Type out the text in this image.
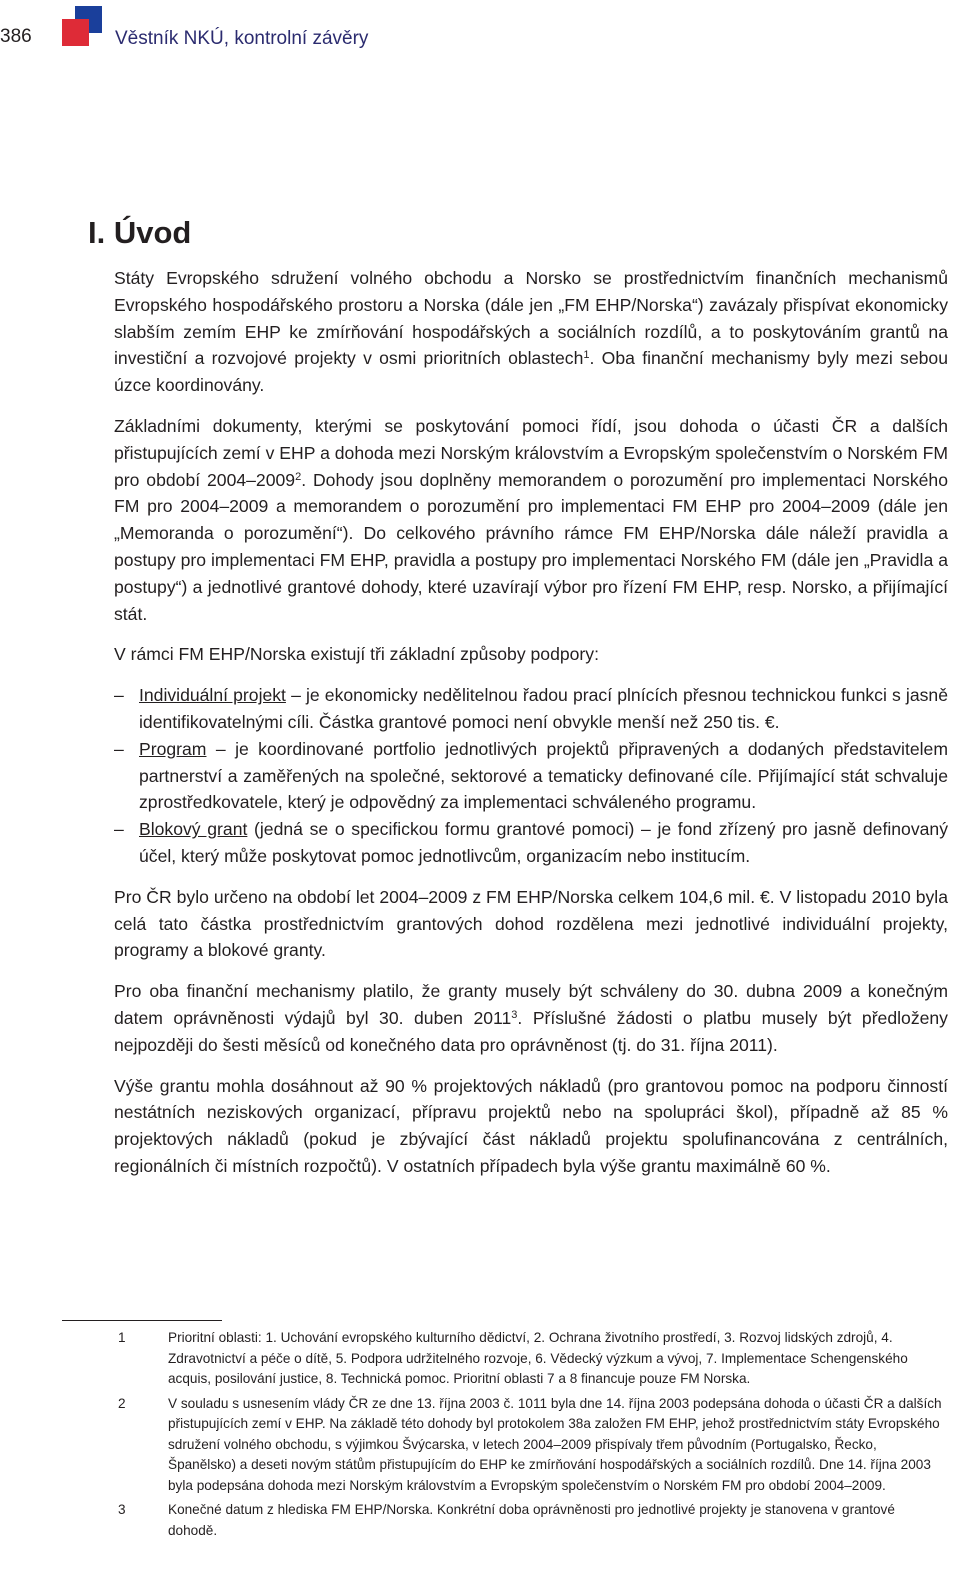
386	Věstník NKÚ, kontrolní závěry
I. Úvod

Státy Evropského sdružení volného obchodu a Norsko se prostřednictvím finančních mechanismů Evropského hospodářského prostoru a Norska (dále jen „FM EHP/Norska“) zavázaly přispívat ekonomicky slabším zemím EHP ke zmírňování hospodářských a sociálních rozdílů, a to poskytováním grantů na investiční a rozvojové projekty v osmi prioritních oblastech$^1$. Oba finanční mechanismy byly mezi sebou úzce koordinovány.

Základními dokumenty, kterými se poskytování pomoci řídí, jsou dohoda o účasti ČR a dalších přistupujících zemí v EHP a dohoda mezi Norským královstvím a Evropským společenstvím o Norském FM pro období 2004–2009$^2$. Dohody jsou doplněny memorandem o porozumění pro implementaci Norského FM pro 2004–2009 a memorandem o porozumění pro implementaci FM EHP pro 2004–2009 (dále jen „Memoranda o porozumění“). Do celkového právního rámce FM EHP/Norska dále náleží pravidla a postupy pro implementaci FM EHP, pravidla a postupy pro implementaci Norského FM (dále jen „Pravidla a postupy“) a jednotlivé grantové dohody, které uzavírají výbor pro řízení FM EHP, resp. Norsko, a přijímající stát.

V rámci FM EHP/Norska existují tři základní způsoby podpory:

– Individuální projekt – je ekonomicky nedělitelnou řadou prací plnících přesnou technickou funkci s jasně identifikovatelnými cíli. Částka grantové pomoci není obvykle menší než 250 tis. €.
– Program – je koordinované portfolio jednotlivých projektů připravených a dodaných představitelem partnerství a zaměřených na společné, sektorové a tematicky definované cíle. Přijímající stát schvaluje zprostředkovatele, který je odpovědný za implementaci schváleného programu.
– Blokový grant (jedná se o specifickou formu grantové pomoci) – je fond zřízený pro jasně definovaný účel, který může poskytovat pomoc jednotlivcům, organizacím nebo institucím.

Pro ČR bylo určeno na období let 2004–2009 z FM EHP/Norska celkem 104,6 mil. €. V listopadu 2010 byla celá tato částka prostřednictvím grantových dohod rozdělena mezi jednotlivé individuální projekty, programy a blokové granty.

Pro oba finanční mechanismy platilo, že granty musely být schváleny do 30. dubna 2009 a konečným datem oprávněnosti výdajů byl 30. duben 2011$^3$. Příslušné žádosti o platbu musely být předloženy nejpozději do šesti měsíců od konečného data pro oprávněnost (tj. do 31. října 2011).

Výše grantu mohla dosáhnout až 90 % projektových nákladů (pro grantovou pomoc na podporu činností nestátních neziskových organizací, přípravu projektů nebo na spolupráci škol), případně až 85 % projektových nákladů (pokud je zbývající část nákladů projektu spolufinancována z centrálních, regionálních či místních rozpočtů). V ostatních případech byla výše grantu maximálně 60 %.

1	Prioritní oblasti: 1. Uchování evropského kulturního dědictví, 2. Ochrana životního prostředí, 3. Rozvoj lidských zdrojů, 4. Zdravotnictví a péče o dítě, 5. Podpora udržitelného rozvoje, 6. Vědecký výzkum a vývoj, 7. Implementace Schengenského acquis, posilování justice, 8. Technická pomoc. Prioritní oblasti 7 a 8 financuje pouze FM Norska.
2	V souladu s usnesením vlády ČR ze dne 13. října 2003 č. 1011 byla dne 14. října 2003 podepsána dohoda o účasti ČR a dalších přistupujících zemí v EHP. Na základě této dohody byl protokolem 38a založen FM EHP, jehož prostřednictvím státy Evropského sdružení volného obchodu, s výjimkou Švýcarska, v letech 2004–2009 přispívaly třem původním (Portugalsko, Řecko, Španělsko) a deseti novým státům přistupujícím do EHP ke zmírňování hospodářských a sociálních rozdílů. Dne 14. října 2003 byla podepsána dohoda mezi Norským královstvím a Evropským společenstvím o Norském FM pro období 2004–2009.
3	Konečné datum z hlediska FM EHP/Norska. Konkrétní doba oprávněnosti pro jednotlivé projekty je stanovena v grantové dohodě.
